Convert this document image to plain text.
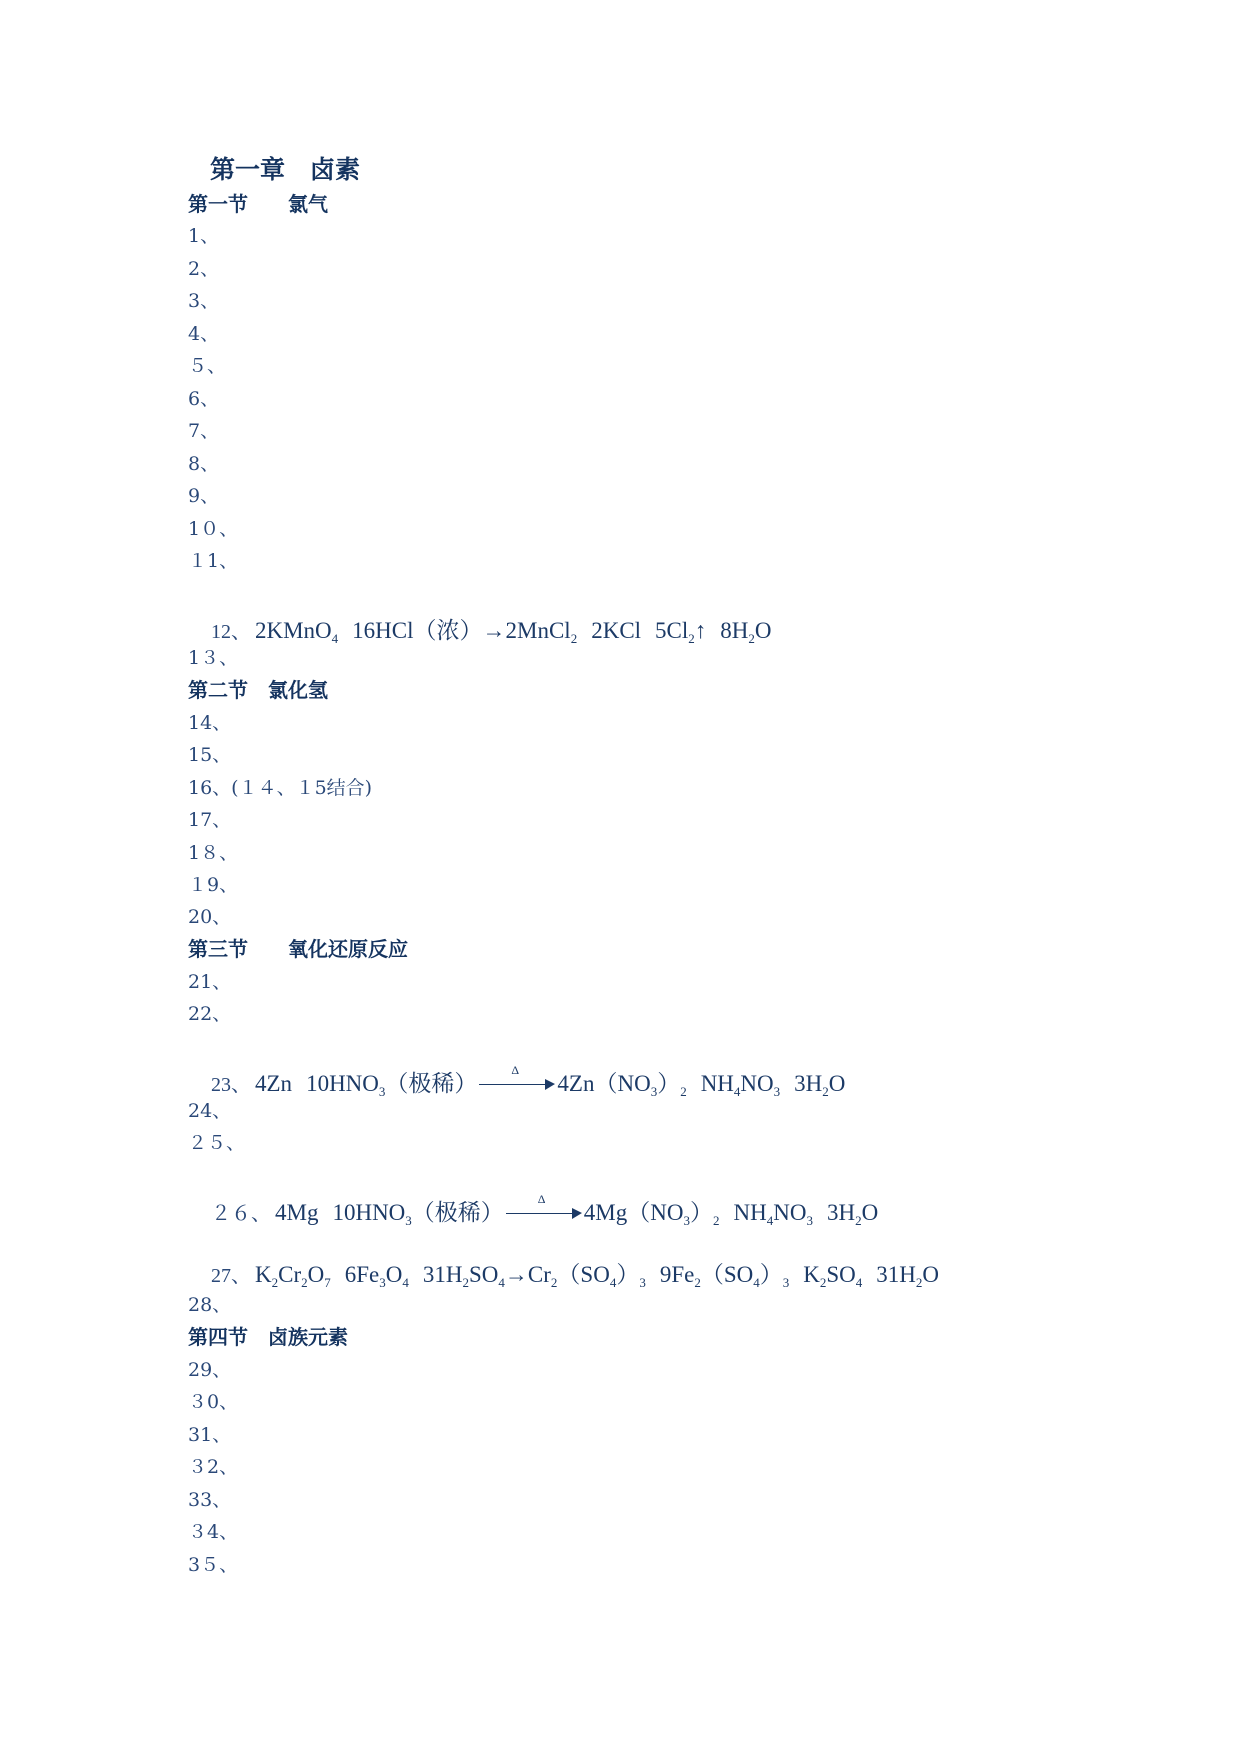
第一章　卤素
第一节　　氯气
1、
2、
3、
4、
５、
6、
7、
8、
9、
1０、
１1、

12、 2KMnO$_4$ 16HCl（浓）→2MnCl$_2$ 2KCl $5Cl_2↑$ $8H_2O$

1３、
第二节　氯化氢
14、
15、
16、(１４、１5结合)
17、
1８、
１9、
20、
第三节　　氧化还原反应
21、
22、

23、 4Zn $10HNO_3$（极稀）
Δ
$4Zn(NO_3)_2$ $NH_4NO_3$ $3H_2O$

24、
２５、

２６、 4Mg $10HNO_3$（极稀）
Δ
$4Mg(NO_3)_2$ $NH_4NO_3$ $3H_2O$

27、 $K_2Cr_2O_7$ $6Fe_3O_4$ $31H_2SO_4\to Cr_2(SO_4)_3$ $9Fe_2(SO_4)_3$ $K_2SO_4$ $31H_2O$

28、
第四节　卤族元素
29、
３0、
31、
３2、
33、
３4、
3５、
